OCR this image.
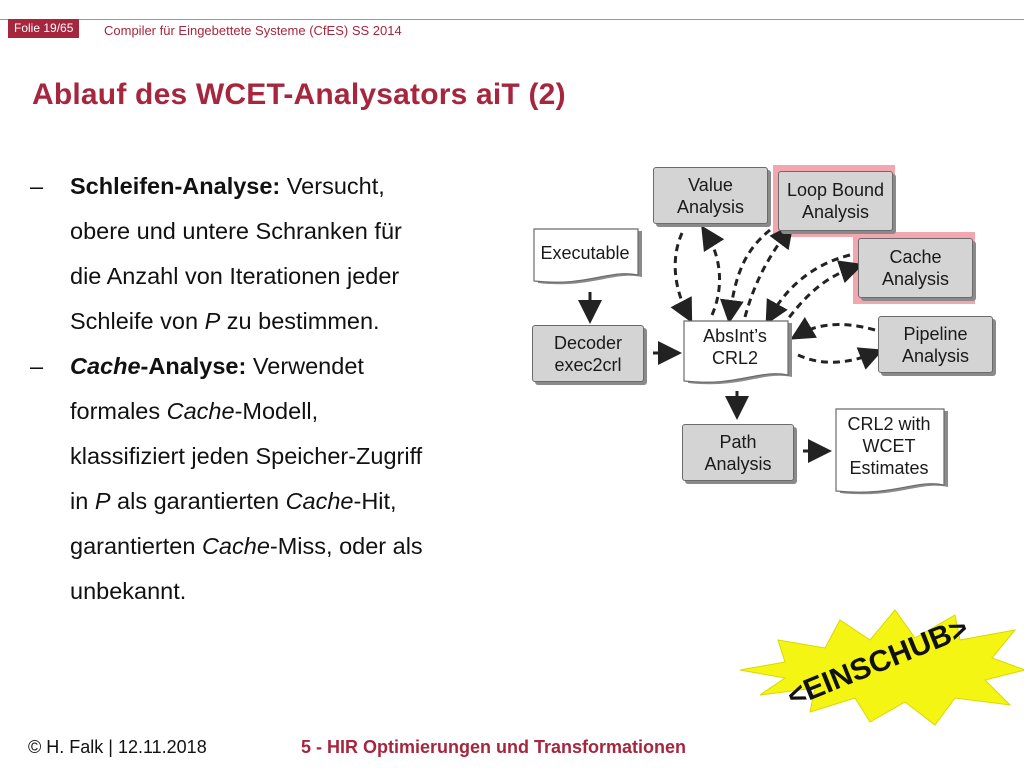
Folie 19/65	Compiler für Eingebettete Systeme (CfES) SS 2014
Ablauf des WCET-Analysators aiT (2)
– Schleifen-Analyse: Versucht,
obere und untere Schranken für
die Anzahl von Iterationen jeder
Schleife von P zu bestimmen.
– Cache-Analyse: Verwendet
formales Cache-Modell,
klassifiziert jeden Speicher-Zugriff
in P als garantierten Cache-Hit,
garantierten Cache-Miss, oder als
unbekannt.
Executable
Value
Analysis
Loop Bound
Analysis
Cache
Analysis
Decoder
exec2crl
AbsInt’s
CRL2
Pipeline
Analysis
Path
Analysis
CRL2 with
WCET
Estimates
<EINSCHUB>
© H. Falk | 12.11.2018	5 - HIR Optimierungen und Transformationen
